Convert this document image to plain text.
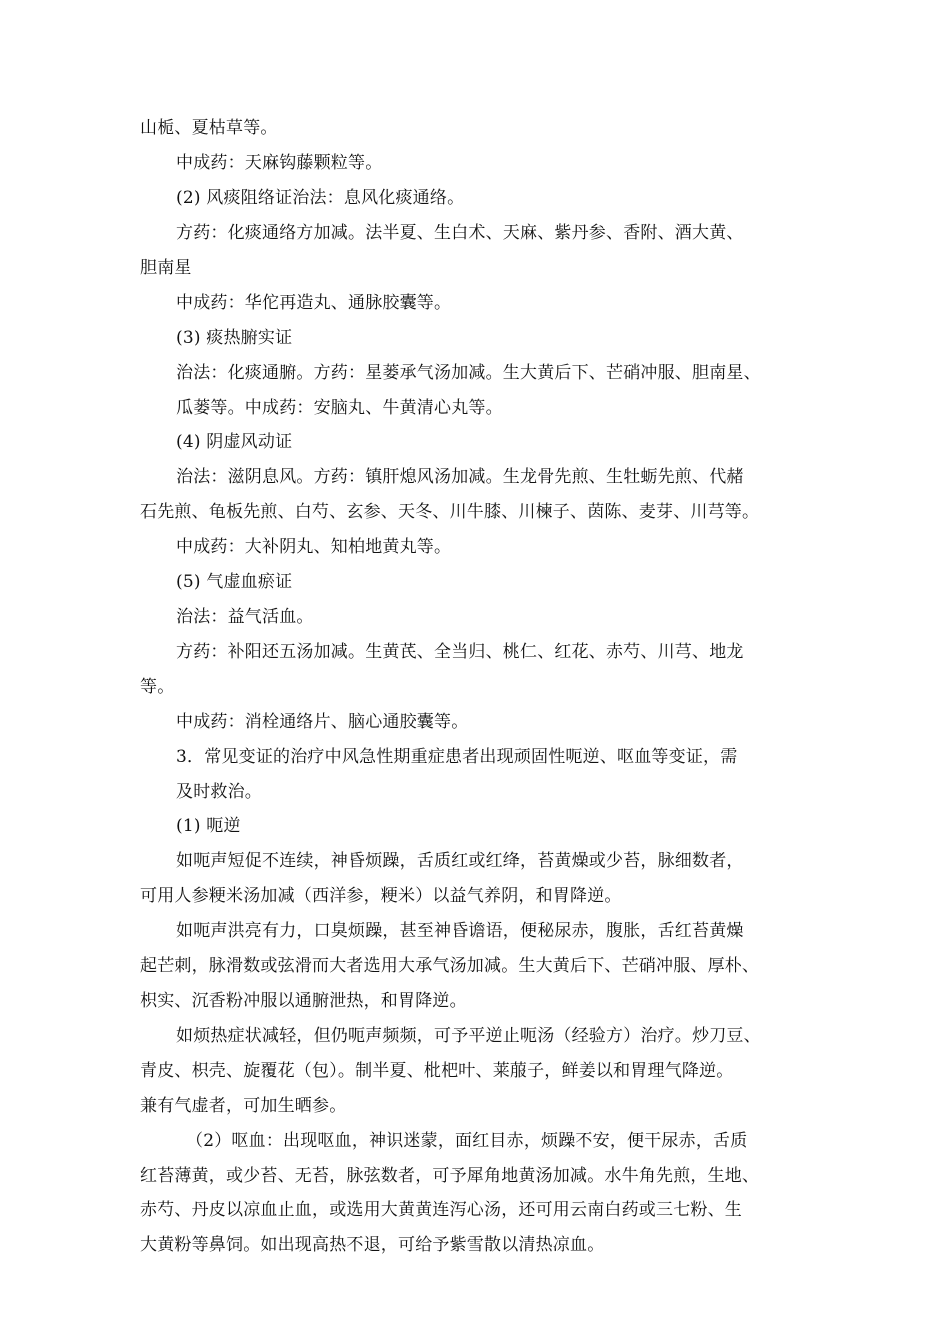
山栀、夏枯草等。
中成药：天麻钩藤颗粒等。
(2) 风痰阻络证治法：息风化痰通络。
方药：化痰通络方加减。法半夏、生白术、天麻、紫丹参、香附、酒大黄、
胆南星
中成药：华佗再造丸、通脉胶囊等。
(3) 痰热腑实证
治法：化痰通腑。方药：星蒌承气汤加减。生大黄后下、芒硝冲服、胆南星、
瓜蒌等。中成药：安脑丸、牛黄清心丸等。
(4) 阴虚风动证
治法：滋阴息风。方药：镇肝熄风汤加减。生龙骨先煎、生牡蛎先煎、代赭
石先煎、龟板先煎、白芍、玄参、天冬、川牛膝、川楝子、茵陈、麦芽、川芎等。
中成药：大补阴丸、知柏地黄丸等。
(5) 气虚血瘀证
治法：益气活血。
方药：补阳还五汤加减。生黄芪、全当归、桃仁、红花、赤芍、川芎、地龙
等。
中成药：消栓通络片、脑心通胶囊等。
3．常见变证的治疗中风急性期重症患者出现顽固性呃逆、呕血等变证，需
及时救治。
(1) 呃逆
如呃声短促不连续，神昏烦躁，舌质红或红绛，苔黄燥或少苔，脉细数者，
可用人参粳米汤加减（西洋参，粳米）以益气养阴，和胃降逆。
如呃声洪亮有力，口臭烦躁，甚至神昏谵语，便秘尿赤，腹胀，舌红苔黄燥
起芒刺，脉滑数或弦滑而大者选用大承气汤加减。生大黄后下、芒硝冲服、厚朴、
枳实、沉香粉冲服以通腑泄热，和胃降逆。
如烦热症状减轻，但仍呃声频频，可予平逆止呃汤（经验方）治疗。炒刀豆、
青皮、枳壳、旋覆花（包）。制半夏、枇杷叶、莱菔子，鲜姜以和胃理气降逆。
兼有气虚者，可加生晒参。
（2）呕血：出现呕血，神识迷蒙，面红目赤，烦躁不安，便干尿赤，舌质
红苔薄黄，或少苔、无苔，脉弦数者，可予犀角地黄汤加减。水牛角先煎，生地、
赤芍、丹皮以凉血止血，或选用大黄黄连泻心汤，还可用云南白药或三七粉、生
大黄粉等鼻饲。如出现高热不退，可给予紫雪散以清热凉血。
